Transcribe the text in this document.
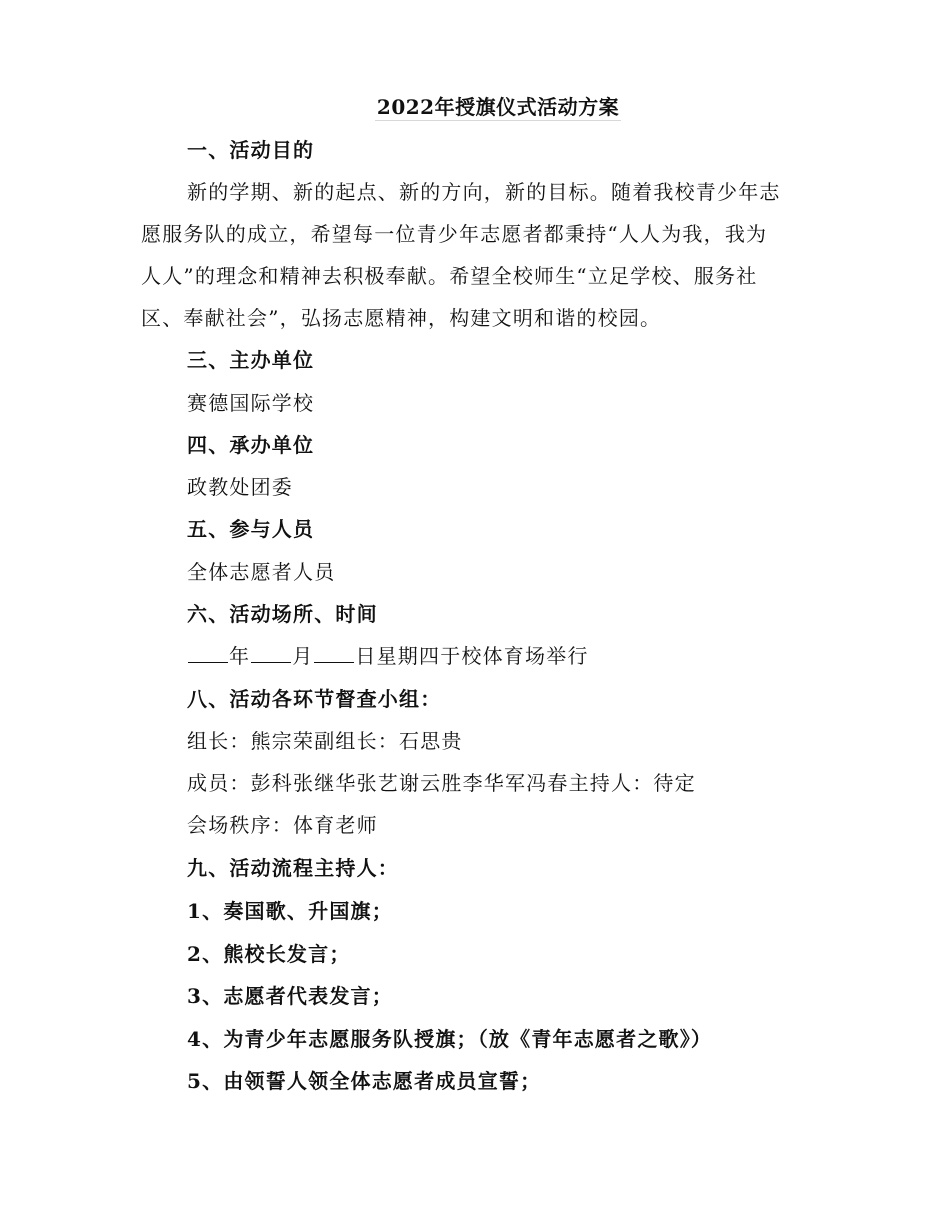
2022年授旗仪式活动方案
一、活动目的
新的学期、新的起点、新的方向，新的目标。随着我校青少年志
愿服务队的成立，希望每一位青少年志愿者都秉持“人人为我，我为
人人”的理念和精神去积极奉献。希望全校师生“立足学校、服务社
区、奉献社会”，弘扬志愿精神，构建文明和谐的校园。
三、主办单位
赛德国际学校
四、承办单位
政教处团委
五、参与人员
全体志愿者人员
六、活动场所、时间
年 月 日星期四于校体育场举行
八、活动各环节督查小组：
组长：熊宗荣副组长：石思贵
成员：彭科张继华张艺谢云胜李华军冯春主持人：待定
会场秩序：体育老师
九、活动流程主持人：
1、奏国歌、升国旗；
2、熊校长发言；
3、志愿者代表发言；
4、为青少年志愿服务队授旗；（放《青年志愿者之歌》）
5、由领誓人领全体志愿者成员宣誓；
